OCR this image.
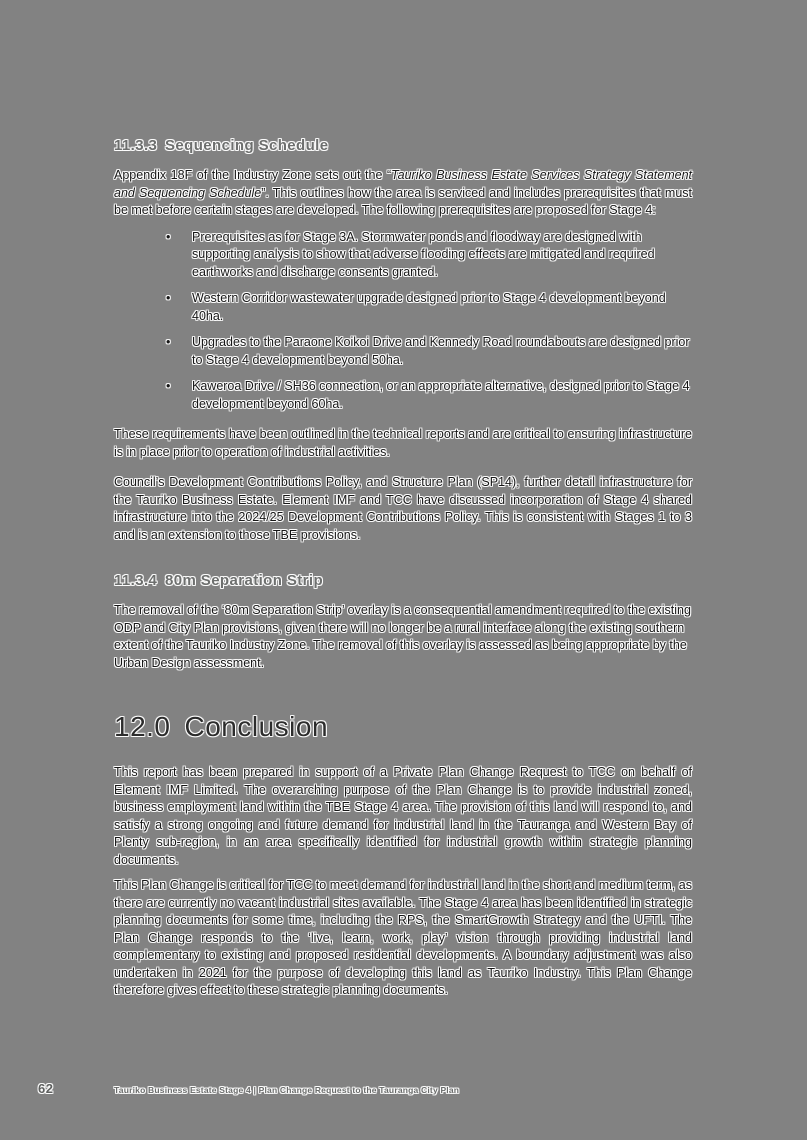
11.3.3 Sequencing Schedule

Appendix 18F of the Industry Zone sets out the “Tauriko Business Estate Services Strategy Statement and Sequencing Schedule”. This outlines how the area is serviced and includes prerequisites that must be met before certain stages are developed. The following prerequisites are proposed for Stage 4:

• Prerequisites as for Stage 3A. Stormwater ponds and floodway are designed with supporting analysis to show that adverse flooding effects are mitigated and required earthworks and discharge consents granted.
• Western Corridor wastewater upgrade designed prior to Stage 4 development beyond 40ha.
• Upgrades to the Paraone Koikoi Drive and Kennedy Road roundabouts are designed prior to Stage 4 development beyond 50ha.
• Kaweroa Drive / SH36 connection, or an appropriate alternative, designed prior to Stage 4 development beyond 60ha.

These requirements have been outlined in the technical reports and are critical to ensuring infrastructure is in place prior to operation of industrial activities.

Council’s Development Contributions Policy, and Structure Plan (SP14), further detail infrastructure for the Tauriko Business Estate. Element IMF and TCC have discussed incorporation of Stage 4 shared infrastructure into the 2024/25 Development Contributions Policy. This is consistent with Stages 1 to 3 and is an extension to those TBE provisions.

11.3.4 80m Separation Strip

The removal of the ‘80m Separation Strip’ overlay is a consequential amendment required to the existing ODP and City Plan provisions, given there will no longer be a rural interface along the existing southern extent of the Tauriko Industry Zone. The removal of this overlay is assessed as being appropriate by the Urban Design assessment.

12.0 Conclusion

This report has been prepared in support of a Private Plan Change Request to TCC on behalf of Element IMF Limited. The overarching purpose of the Plan Change is to provide industrial zoned, business employment land within the TBE Stage 4 area. The provision of this land will respond to, and satisfy a strong ongoing and future demand for industrial land in the Tauranga and Western Bay of Plenty sub-region, in an area specifically identified for industrial growth within strategic planning documents.

This Plan Change is critical for TCC to meet demand for industrial land in the short and medium term, as there are currently no vacant industrial sites available. The Stage 4 area has been identified in strategic planning documents for some time, including the RPS, the SmartGrowth Strategy and the UFTI. The Plan Change responds to the ‘live, learn, work, play’ vision through providing industrial land complementary to existing and proposed residential developments. A boundary adjustment was also undertaken in 2021 for the purpose of developing this land as Tauriko Industry. This Plan Change therefore gives effect to these strategic planning documents.

62	Tauriko Business Estate Stage 4 | Plan Change Request to the Tauranga City Plan
